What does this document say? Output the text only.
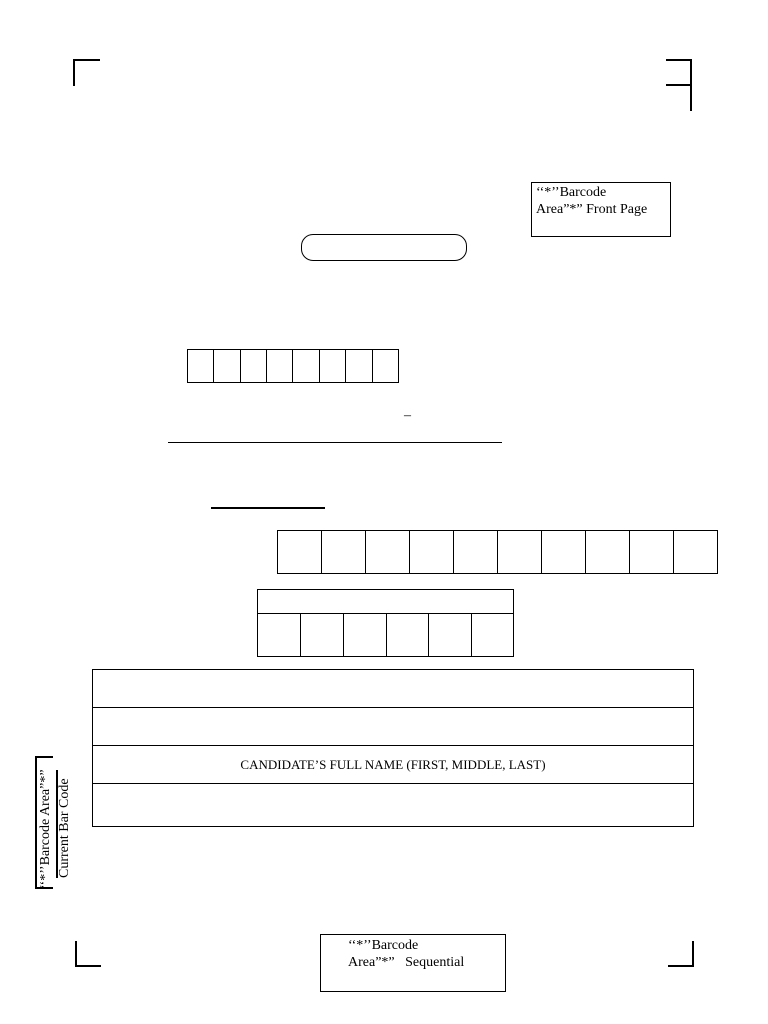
‘‘*’’Barcode
Area”*” Front Page
–
CANDIDATE’S FULL NAME (FIRST, MIDDLE, LAST)
‘‘*’’Barcode Area”*” Current Bar Code
‘‘*’’Barcode
Area”*”   Sequential
